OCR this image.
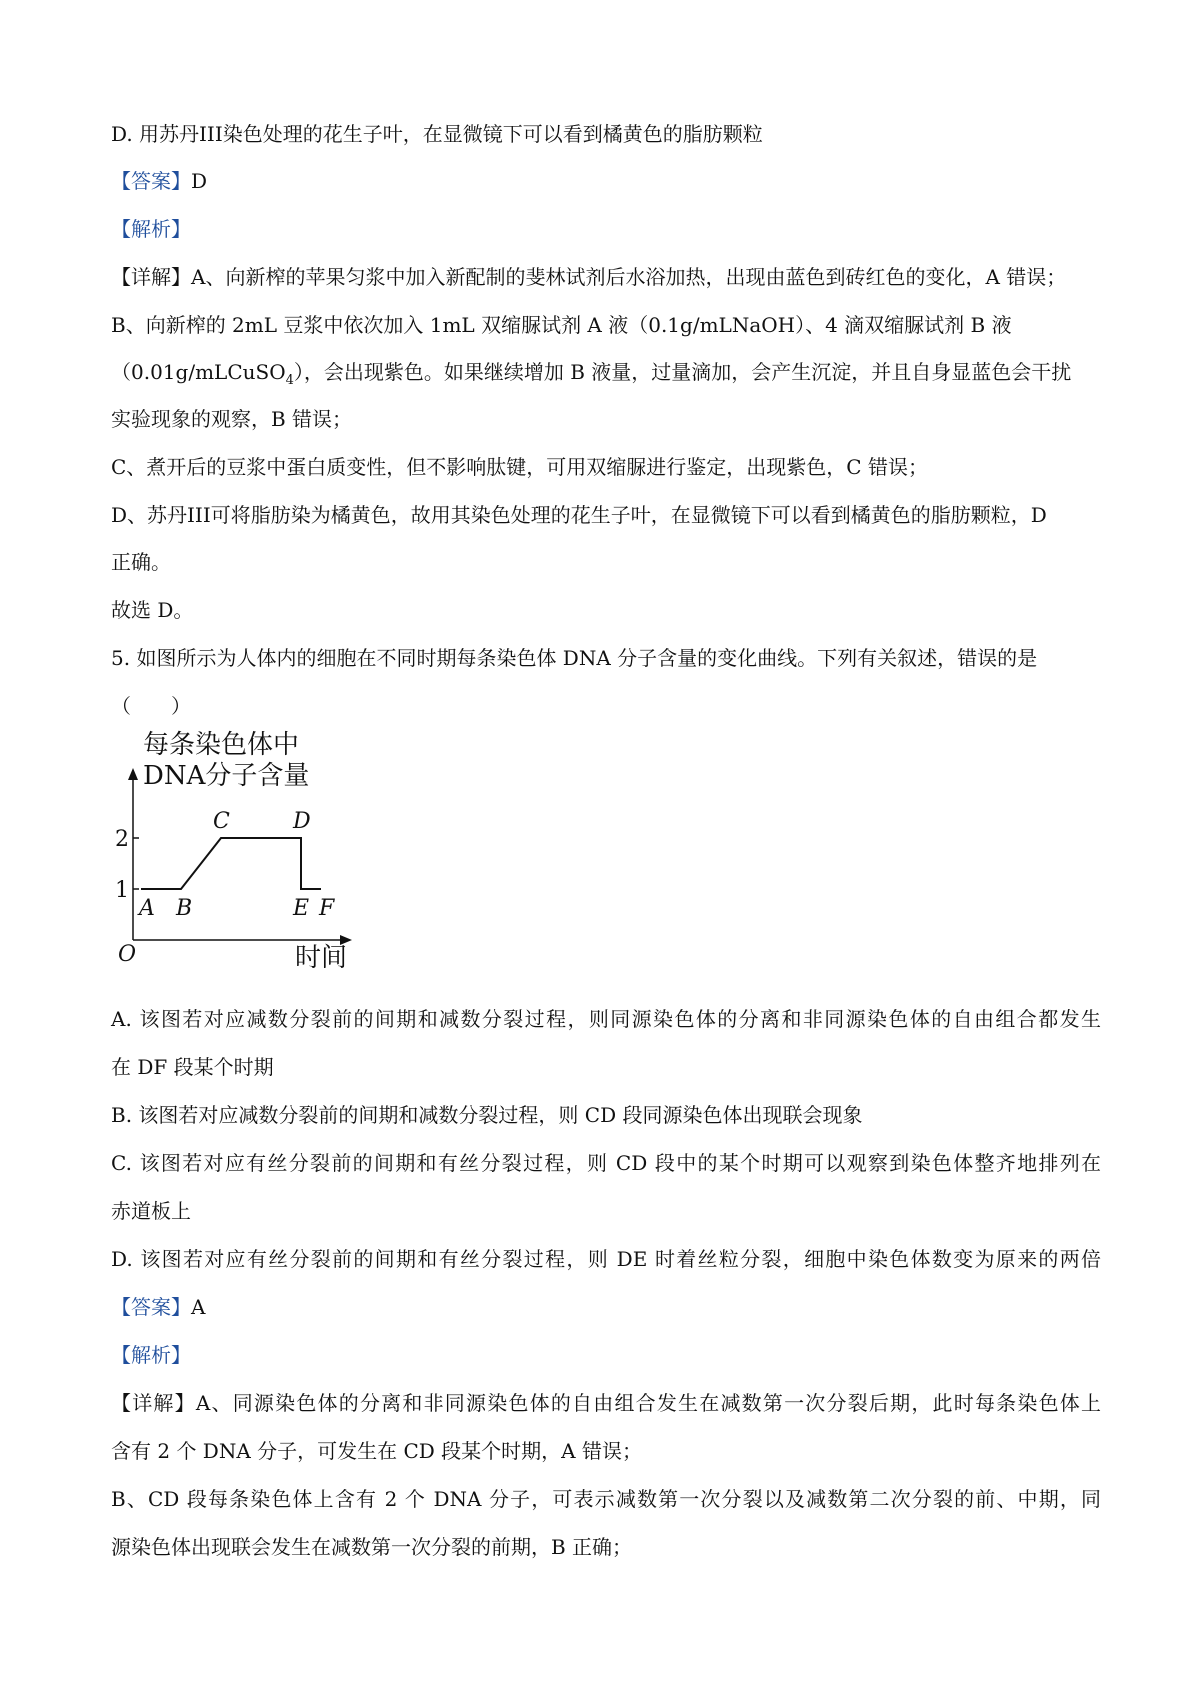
D. 用苏丹III染色处理的花生子叶，在显微镜下可以看到橘黄色的脂肪颗粒
【答案】D
【解析】
【详解】A、向新榨的苹果匀浆中加入新配制的斐林试剂后水浴加热，出现由蓝色到砖红色的变化，A 错误；
B、向新榨的 2mL 豆浆中依次加入 1mL 双缩脲试剂 A 液（0.1g/mLNaOH）、4 滴双缩脲试剂 B 液
（0.01g/mLCuSO$_4$），会出现紫色。如果继续增加 B 液量，过量滴加，会产生沉淀，并且自身显蓝色会干扰
实验现象的观察，B 错误；
C、煮开后的豆浆中蛋白质变性，但不影响肽键，可用双缩脲进行鉴定，出现紫色，C 错误；
D、苏丹III可将脂肪染为橘黄色，故用其染色处理的花生子叶，在显微镜下可以看到橘黄色的脂肪颗粒，D
正确。
故选 D。
5. 如图所示为人体内的细胞在不同时期每条染色体 DNA 分子含量的变化曲线。下列有关叙述，错误的是
（　　）
每条染色体中
DNA分子含量
O	时间
1
2
A B
C	D
E F
A. 该图若对应减数分裂前的间期和减数分裂过程，则同源染色体的分离和非同源染色体的自由组合都发生
在 DF 段某个时期
B. 该图若对应减数分裂前的间期和减数分裂过程，则 CD 段同源染色体出现联会现象
C. 该图若对应有丝分裂前的间期和有丝分裂过程，则 CD 段中的某个时期可以观察到染色体整齐地排列在
赤道板上
D. 该图若对应有丝分裂前的间期和有丝分裂过程，则 DE 时着丝粒分裂，细胞中染色体数变为原来的两倍
【答案】A
【解析】
【详解】A、同源染色体的分离和非同源染色体的自由组合发生在减数第一次分裂后期，此时每条染色体上
含有 2 个 DNA 分子，可发生在 CD 段某个时期，A 错误；
B、CD 段每条染色体上含有 2 个 DNA 分子，可表示减数第一次分裂以及减数第二次分裂的前、中期，同
源染色体出现联会发生在减数第一次分裂的前期，B 正确；
